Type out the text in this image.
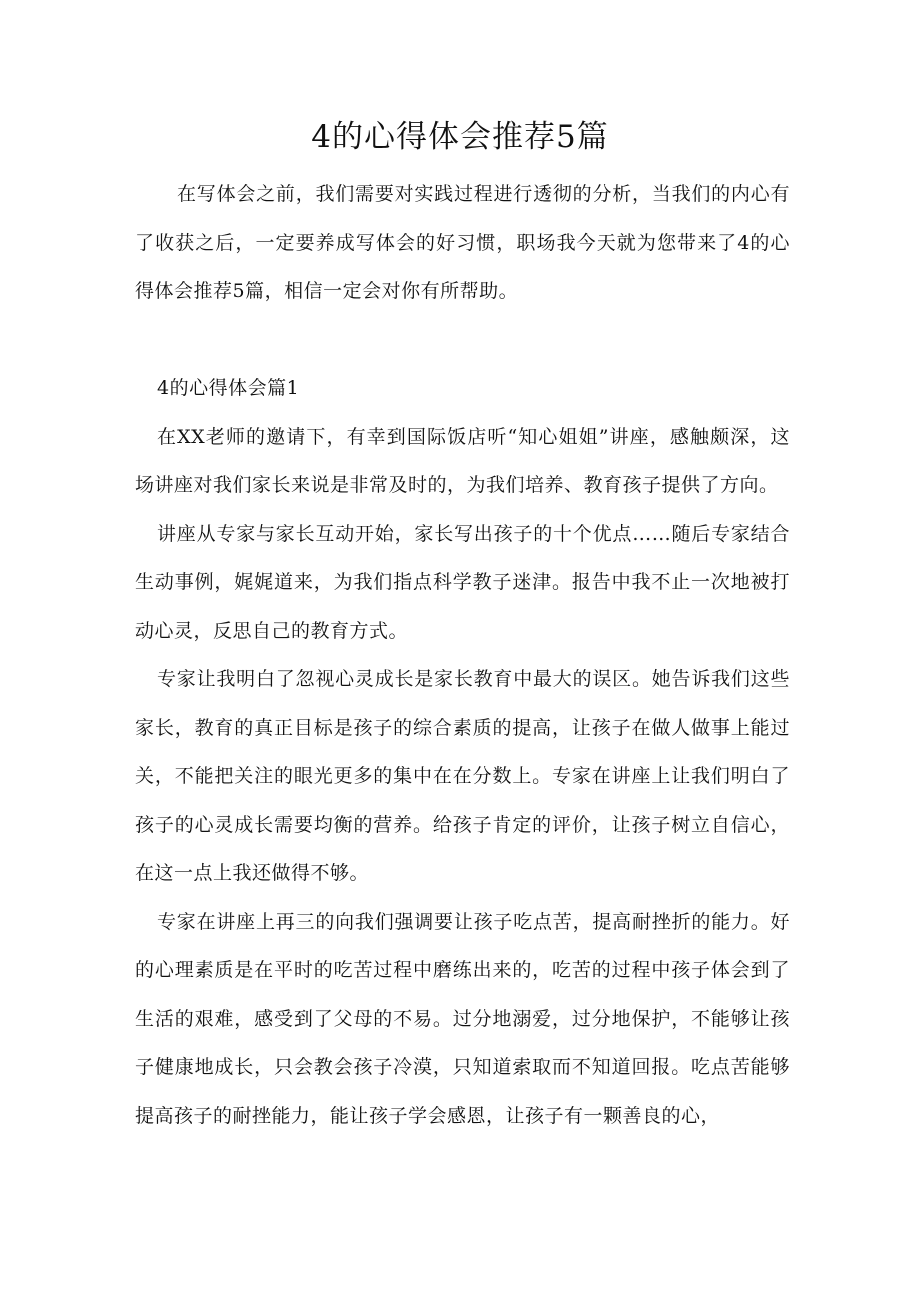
4的心得体会推荐5篇
在写体会之前，我们需要对实践过程进行透彻的分析，当我们的内心有了收获之后，一定要养成写体会的好习惯，职场我今天就为您带来了4的心得体会推荐5篇，相信一定会对你有所帮助。

4的心得体会篇1

在XX老师的邀请下，有幸到国际饭店听“知心姐姐”讲座，感触颇深，这场讲座对我们家长来说是非常及时的，为我们培养、教育孩子提供了方向。

讲座从专家与家长互动开始，家长写出孩子的十个优点……随后专家结合生动事例，娓娓道来，为我们指点科学教子迷津。报告中我不止一次地被打动心灵，反思自己的教育方式。

专家让我明白了忽视心灵成长是家长教育中最大的误区。她告诉我们这些家长，教育的真正目标是孩子的综合素质的提高，让孩子在做人做事上能过关，不能把关注的眼光更多的集中在在分数上。专家在讲座上让我们明白了孩子的心灵成长需要均衡的营养。给孩子肯定的评价，让孩子树立自信心，在这一点上我还做得不够。

专家在讲座上再三的向我们强调要让孩子吃点苦，提高耐挫折的能力。好的心理素质是在平时的吃苦过程中磨练出来的，吃苦的过程中孩子体会到了生活的艰难，感受到了父母的不易。过分地溺爱，过分地保护，不能够让孩子健康地成长，只会教会孩子冷漠，只知道索取而不知道回报。吃点苦能够提高孩子的耐挫能力，能让孩子学会感恩，让孩子有一颗善良的心，
